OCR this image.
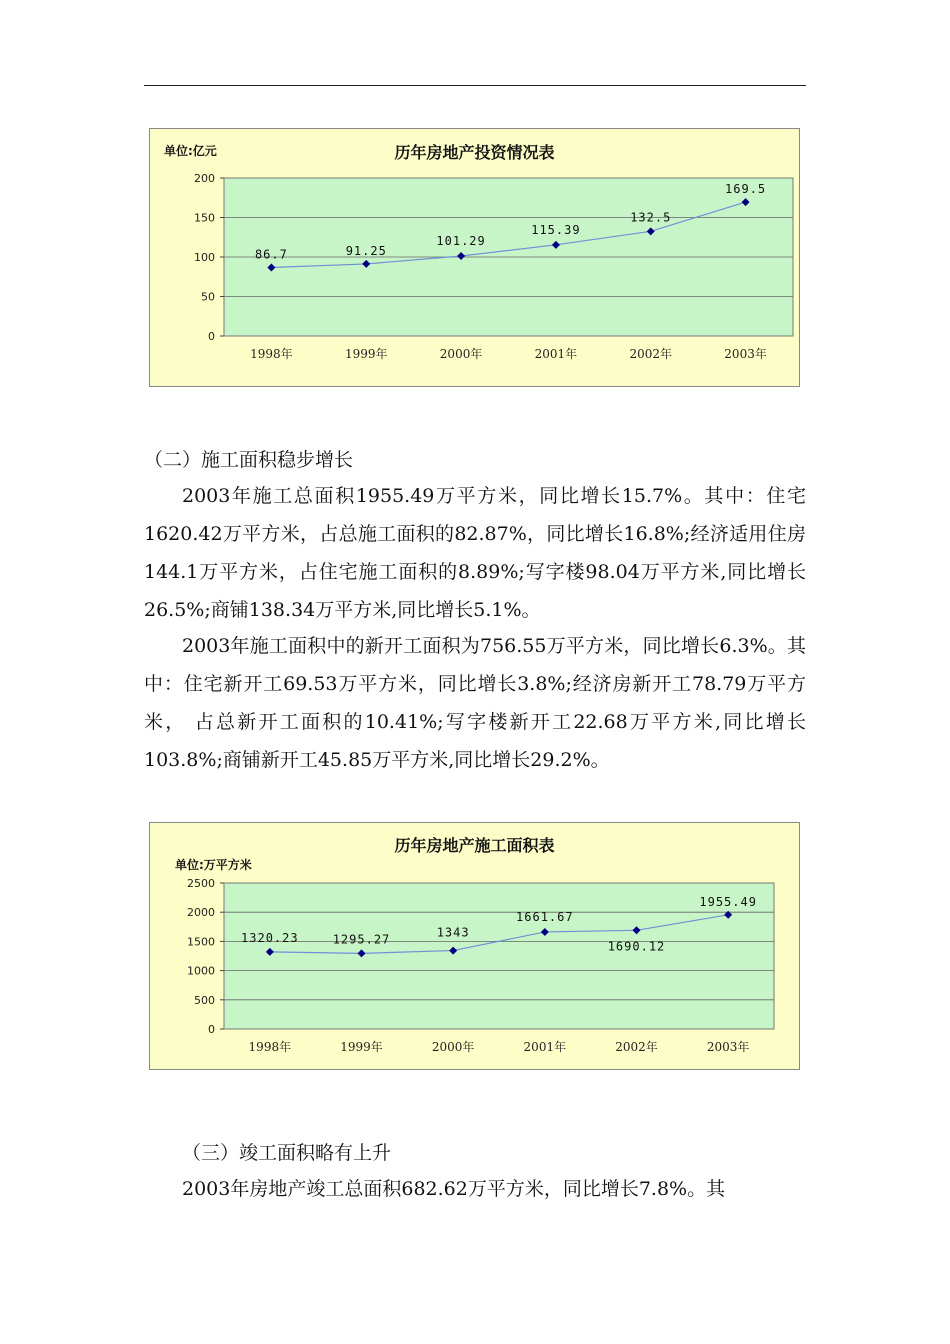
单位:亿元	历年房地产投资情况表
0
50
100
150
200
1998年	1999年	2000年	2001年	2002年	2003年
86.7	91.25
101.29
115.39
132.5
169.5
（二）施工面积稳步增长
2003年施工总面积1955.49万平方米，同比增长15.7%。其中：住宅1620.42万平方米，占总施工面积的82.87%，同比增长16.8%;经济适用住房144.1万平方米，占住宅施工面积的8.89%;写字楼98.04万平方米,同比增长26.5%;商铺138.34万平方米,同比增长5.1%。
2003年施工面积中的新开工面积为756.55万平方米，同比增长6.3%。其中：住宅新开工69.53万平方米，同比增长3.8%;经济房新开工78.79万平方米， 占总新开工面积的10.41%;写字楼新开工22.68万平方米,同比增长103.8%;商铺新开工45.85万平方米,同比增长29.2%。
历年房地产施工面积表
单位:万平方米
0
500
1000
1500
2000
2500
1998年	1999年	2000年	2001年	2002年	2003年
1320.23	1295.27	1343
1661.67
1690.12
1955.49
（三）竣工面积略有上升
2003年房地产竣工总面积682.62万平方米，同比增长7.8%。其
